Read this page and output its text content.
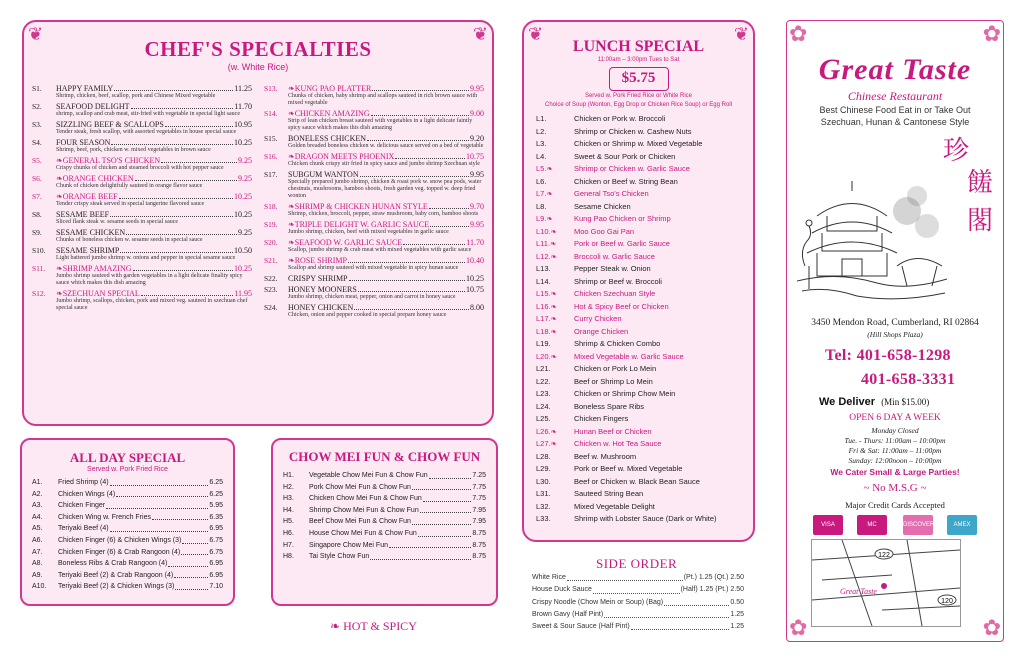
❦	❦
CHEF'S SPECIALTIES
(w. White Rice)
S1.	HAPPY FAMILY	11.25
Shrimp, chicken, beef, scallop, pork and Chinese Mixed vegetable
S2.	SEAFOOD DELIGHT	11.70
shrimp, scallop and crab meat, stir-fried with vegetable in special light sauce
S3.	SIZZLING BEEF & SCALLOPS	10.95
Tender steak, fresh scallop, with assorted vegetables in house special sauce
S4.	FOUR SEASON	10.25
Shrimp, beef, pork, chicken w. mixed vegetables in brown sauce
S5.	❧ GENERAL TSO'S CHICKEN	9.25
Crispy chunks of chicken and steamed broccoli with hot pepper sauce
S6.	❧ ORANGE CHICKEN	9.25
Chunk of chicken delightfully sauteed in orange flavor sauce
S7.	❧ ORANGE BEEF	10.25
Tender crispy steak served in special tangerine flavored sauce
S8.	SESAME BEEF	10.25
Sliced flank steak w. sesame seeds in special sauce
S9.	SESAME CHICKEN	9.25
Chunks of boneless chicken w. sesame seeds in special sauce
S10.	SESAME SHRIMP	10.50
Light battered jumbo shrimp w. onions and pepper in special sesame sauce
S11.	❧ SHRIMP AMAZING	10.25
Jumbo shrimp sauteed with garden vegetables in a light delicate finality spicy sauce which makes this dish amazing
S12.	❧ SZECHUAN SPECIAL	11.95
Jumbo shrimp, scallops, chicken, pork and mixed veg. sauteed in szechuan chef special sauce
S13.	❧ KUNG PAO PLATTER	9.95
Chunks of chicken, baby shrimp and scallops sauteed in rich brown sauce with mixed vegetable
S14.	❧ CHICKEN AMAZING	9.00
Strip of lean chicken breast sauteed with vegetables in a light delicate faintly spicy sauce which makes this dish amazing
S15.	BONELESS CHICKEN	9.20
Golden breaded boneless chicken w. delicious sauce served on a bed of vegetable
S16.	❧ DRAGON MEETS PHOENIX	10.75
Chicken chunk crispy stir fried in spicy sauce and jumbo shrimp Szechuan style
S17.	SUBGUM WANTON	9.95
Specially prepared jumbo shrimp, chicken & roast pork w. snow pea pods, water chestnuts, mushrooms, bamboo shoots, fresh garden veg. topped w. deep fried wonton
S18.	❧ SHRIMP & CHICKEN HUNAN STYLE	9.70
Shrimp, chicken, broccoli, pepper, straw mushroom, baby corn, bamboo shoots
S19.	❧ TRIPLE DELIGHT W. GARLIC SAUCE	9.95
Jumbo shrimp, chicken, beef with mixed vegetables in garlic sauce
S20.	❧ SEAFOOD W. GARLIC SAUCE	11.70
Scallop, jumbo shrimp & crab meat with mixed vegetables with garlic sauce
S21.	❧ ROSE SHRIMP	10.40
Scallop and shrimp sauteed with mixed vegetable in spicy hunan sauce
S22.	CRISPY SHRIMP	10.25
S23.	HONEY MOONERS	10.75
Jumbo shrimp, chicken meat, pepper, onion and carrot in honey sauce
S24.	HONEY CHICKEN	8.00
Chicken, onion and pepper cooked in special prepare honey sauce
ALL DAY SPECIAL
Served w. Pork Fried Rice
A1.	Fried Shrimp (4)	6.25
A2.	Chicken Wings (4)	6.25
A3.	Chicken Finger	5.95
A4.	Chicken Wing w. French Fries	6.35
A5.	Teriyaki Beef (4)	6.95
A6.	Chicken Finger (6) & Chicken Wings (3)	6.75
A7.	Chicken Finger (6) & Crab Rangoon (4)	6.75
A8.	Boneless Ribs & Crab Rangoon (4)	6.95
A9.	Teriyaki Beef (2) & Crab Rangoon (4)	6.95
A10.	Teriyaki Beef (2) & Chicken Wings (3)	7.10
CHOW MEI FUN & CHOW FUN
H1.	Vegetable Chow Mei Fun & Chow Fun	7.25
H2.	Pork Chow Mei Fun & Chow Fun	7.75
H3.	Chicken Chow Mei Fun & Chow Fun	7.75
H4.	Shrimp Chow Mei Fun & Chow Fun	7.95
H5.	Beef Chow Mei Fun & Chow Fun	7.95
H6.	House Chow Mei Fun & Chow Fun	8.75
H7.	Singapore Chow Mei Fun	8.75
H8.	Tai Style Chow Fun	8.75
❧ HOT & SPICY
❦	❦
LUNCH SPECIAL
11:00am – 3:00pm Tues to Sat
$5.75
Served w. Pork Fried Rice or White Rice
Choice of Soup (Wonton, Egg Drop or Chicken Rice Soup) or Egg Roll
L1.	Chicken or Pork w. Broccoli
L2.	Shrimp or Chicken w. Cashew Nuts
L3.	Chicken or Shrimp w. Mixed Vegetable
L4.	Sweet & Sour Pork or Chicken
L5. ❧	Shrimp or Chicken w. Garlic Sauce
L6.	Chicken or Beef w. String Bean
L7. ❧	General Tso's Chicken
L8.	Sesame Chicken
L9. ❧	Kung Pao Chicken or Shrimp
L10. ❧ Moo Goo Gai Pan
L11. ❧ Pork or Beef w. Garlic Sauce
L12. ❧ Broccoli w. Garlic Sauce
L13.	Pepper Steak w. Onion
L14.	Shrimp or Beef w. Broccoli
L15. ❧ Chicken Szechuan Style
L16. ❧ Hot & Spicy Beef or Chicken
L17. ❧ Curry Chicken
L18. ❧ Orange Chicken
L19.	Shrimp & Chicken Combo
L20. ❧ Mixed Vegetable w. Garlic Sauce
L21.	Chicken or Pork Lo Mein
L22.	Beef or Shrimp Lo Mein
L23.	Chicken or Shrimp Chow Mein
L24.	Boneless Spare Ribs
L25.	Chicken Fingers
L26. ❧ Hunan Beef or Chicken
L27. ❧ Chicken w. Hot Tea Sauce
L28.	Beef w. Mushroom
L29.	Pork or Beef w. Mixed Vegetable
L30.	Beef or Chicken w. Black Bean Sauce
L31.	Sauteed String Bean
L32.	Mixed Vegetable Delight
L33.	Shrimp with Lobster Sauce (Dark or White)
SIDE ORDER
White Rice	(Pt.) 1.25 (Qt.) 2.50
House Duck Sauce	(Half) 1.25 (Pt.) 2.50
Crispy Noodle (Chow Mein or Soup) (Bag)	0.50
Brown Gavy (Half Pint)	1.25
Sweet & Sour Sauce (Half Pint)	1.25
✿	✿
✿	✿
Great Taste
Chinese Restaurant
Best Chinese Food Eat in or Take Out
Szechuan, Hunan & Cantonese Style
珍
饈
閣
3450 Mendon Road, Cumberland, RI 02864
(Hill Shops Plaza)
Tel: 401-658-1298
401-658-3331
We Deliver (Min $15.00)
OPEN 6 DAY A WEEK
Monday Closed
Tue. - Thurs: 11:00am – 10:00pm
Fri & Sat: 11:00am – 11:00pm
Sunday: 12:00noon – 10:00pm
We Cater Small & Large Parties!
~ No M.S.G ~
Major Credit Cards Accepted
VISA	MC	DISCOVER	AMEX
122
120
Great Taste
